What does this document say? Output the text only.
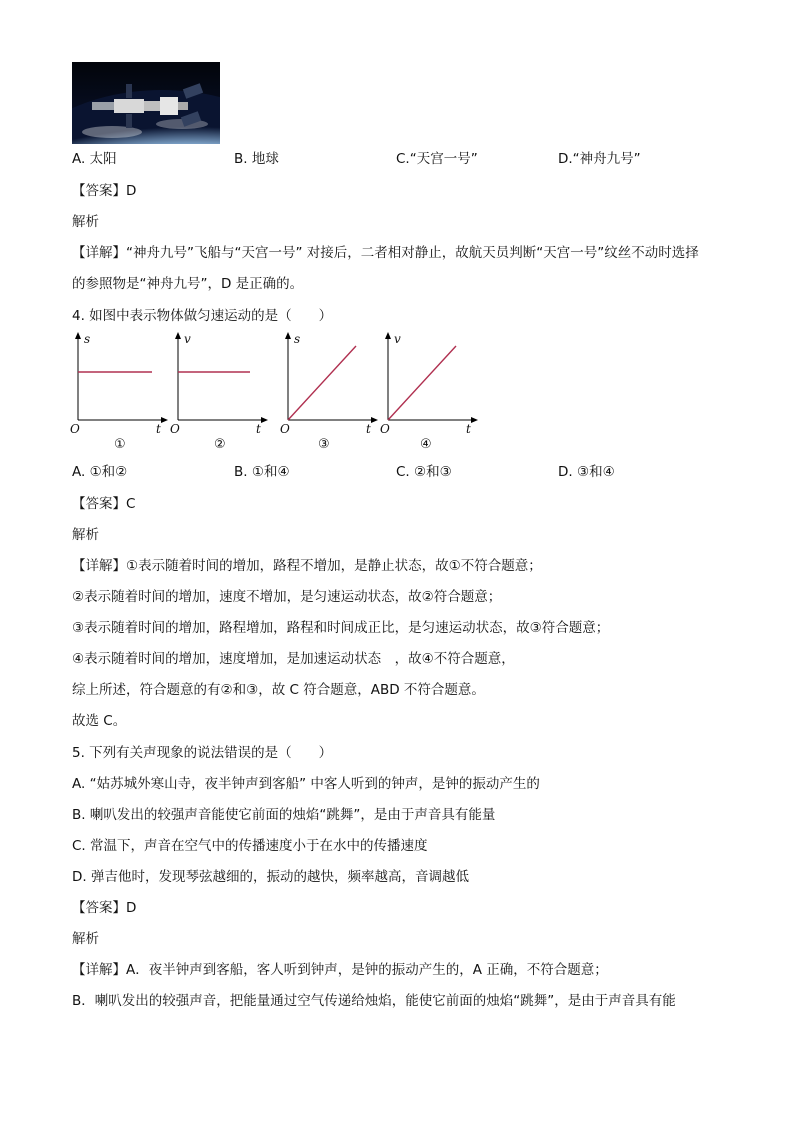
A. 太阳	B. 地球	C.“天宫一号”	D.“神舟九号”
【答案】D
解析
【详解】“神舟九号”飞船与“天宫一号” 对接后，二者相对静止，故航天员判断“天宫一号”纹丝不动时选择
的参照物是“神舟九号”，D 是正确的。
4. 如图中表示物体做匀速运动的是（　　）
s
O	t
v
O	t
s
O	t
v
O	t
①	②	③	④
A. ①和②	B. ①和④	C. ②和③	D. ③和④
【答案】C
解析
【详解】①表示随着时间的增加，路程不增加，是静止状态，故①不符合题意；
②表示随着时间的增加，速度不增加，是匀速运动状态，故②符合题意；
③表示随着时间的增加，路程增加，路程和时间成正比，是匀速运动状态，故③符合题意；
④表示随着时间的增加，速度增加，是加速运动状态　，故④不符合题意，
综上所述，符合题意的有②和③，故 C 符合题意，ABD 不符合题意。
故选 C。
5. 下列有关声现象的说法错误的是（　　）
A. “姑苏城外寒山寺，夜半钟声到客船” 中客人听到的钟声，是钟的振动产生的
B. 喇叭发出的较强声音能使它前面的烛焰“跳舞”，是由于声音具有能量
C. 常温下，声音在空气中的传播速度小于在水中的传播速度
D. 弹吉他时，发现琴弦越细的，振动的越快，频率越高，音调越低
【答案】D
解析
【详解】A．夜半钟声到客船，客人听到钟声，是钟的振动产生的，A 正确，不符合题意；
B．喇叭发出的较强声音，把能量通过空气传递给烛焰，能使它前面的烛焰“跳舞”，是由于声音具有能
